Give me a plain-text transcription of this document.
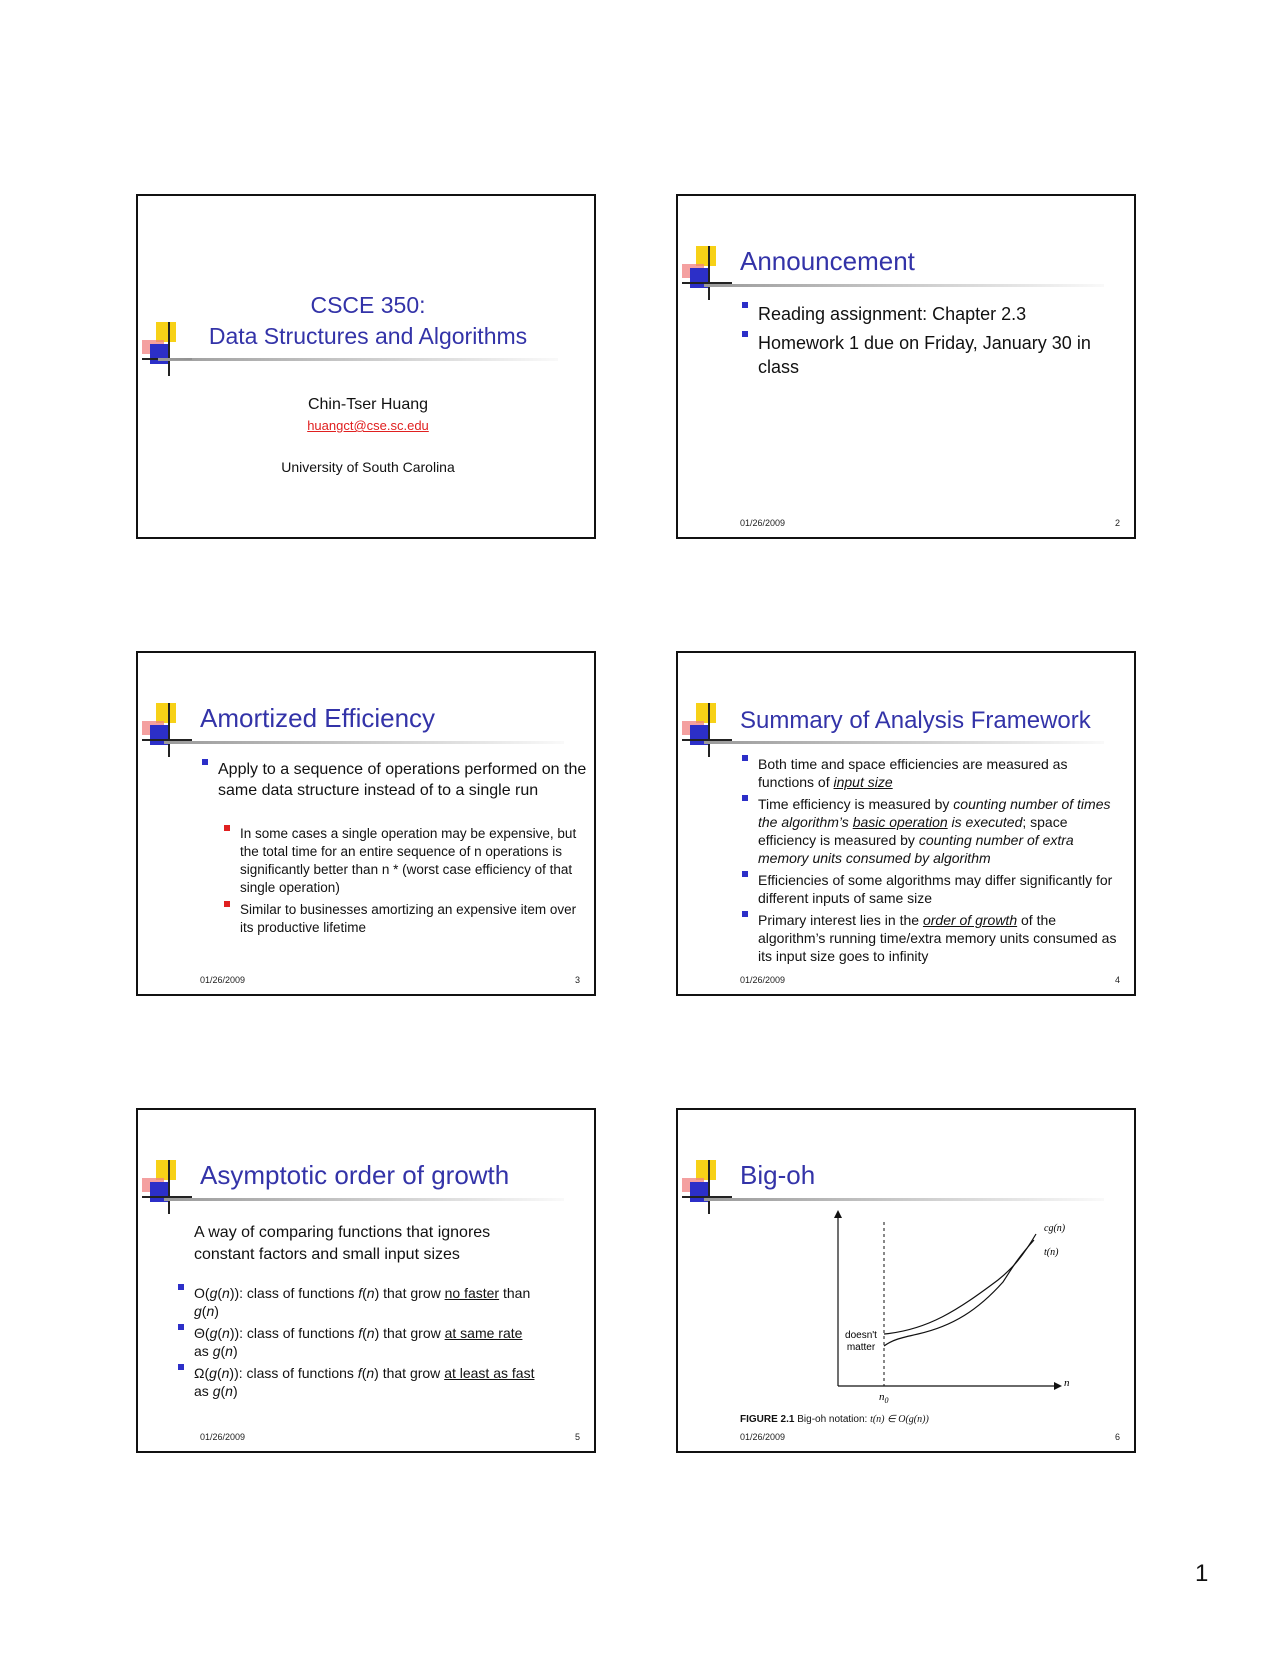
CSCE 350:
Data Structures and Algorithms
Chin-Tser Huang
huangct@cse.sc.edu
University of South Carolina
Announcement
Reading assignment: Chapter 2.3
Homework 1 due on Friday, January 30 in class
01/26/2009	2
Amortized Efficiency
Apply to a sequence of operations performed on the same data structure instead of to a single run
In some cases a single operation may be expensive, but the total time for an entire sequence of n operations is significantly better than n * (worst case efficiency of that single operation)
Similar to businesses amortizing an expensive item over its productive lifetime
01/26/2009	3
Summary of Analysis Framework
Both time and space efficiencies are measured as functions of input size
Time efficiency is measured by counting number of times the algorithm’s basic operation is executed; space efficiency is measured by counting number of extra memory units consumed by algorithm
Efficiencies of some algorithms may differ significantly for different inputs of same size
Primary interest lies in the order of growth of the algorithm’s running time/extra memory units consumed as its input size goes to infinity
01/26/2009	4
Asymptotic order of growth
A way of comparing functions that ignores constant factors and small input sizes
O(g(n)): class of functions f(n) that grow no faster than
g(n)
Θ(g(n)): class of functions f(n) that grow at same rate
as g(n)
Ω(g(n)): class of functions f(n) that grow at least as fast
as g(n)
01/26/2009	5
Big-oh
cg(n)
t(n)
doesn't
matter
n
$n_0$
FIGURE 2.1 Big-oh notation: t(n) ∈ O(g(n))
01/26/2009	6
1
